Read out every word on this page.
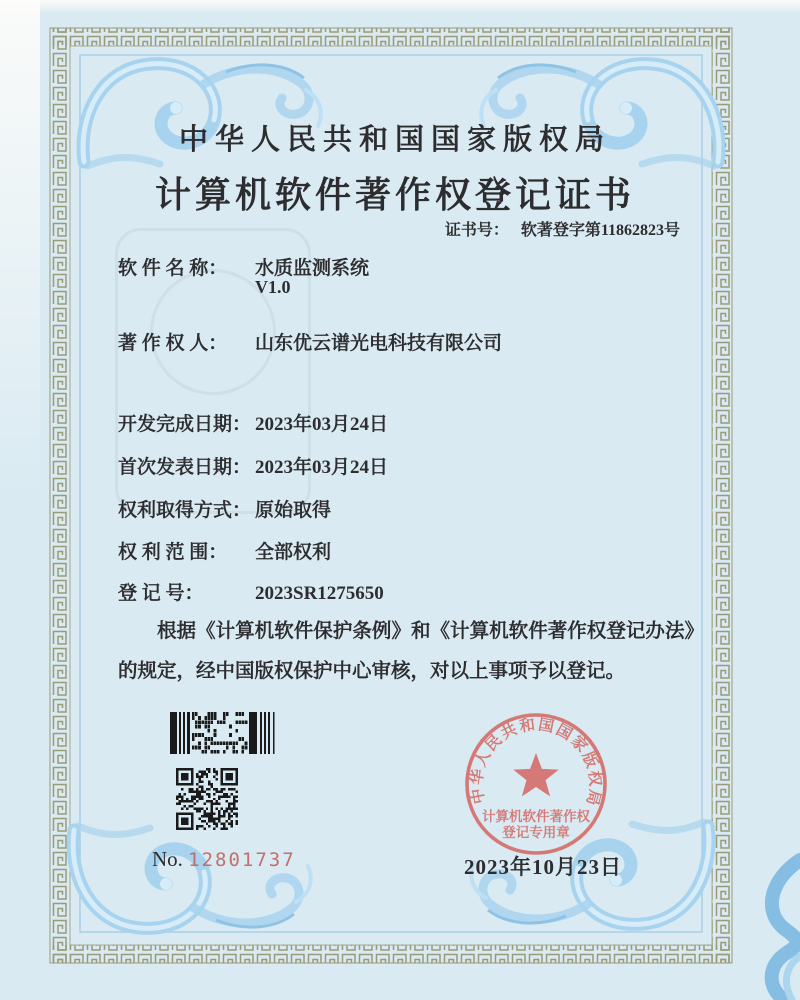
中华人民共和国国家版权局
计算机软件著作权登记证书
证书号： 软著登字第11862823号
软 件 名 称： 水质监测系统
V1.0
著 作 权 人： 山东优云谱光电科技有限公司
开发完成日期： 2023年03月24日
首次发表日期： 2023年03月24日
权利取得方式： 原始取得
权 利 范 围： 全部权利
登 记 号：	2023SR1275650

根据《计算机软件保护条例》和《计算机软件著作权登记办法》的规定，经中国版权保护中心审核，对以上事项予以登记。

No. 12801737	2023年10月23日
中华人民共和国国家版权局
计算机软件著作权
登记专用章
